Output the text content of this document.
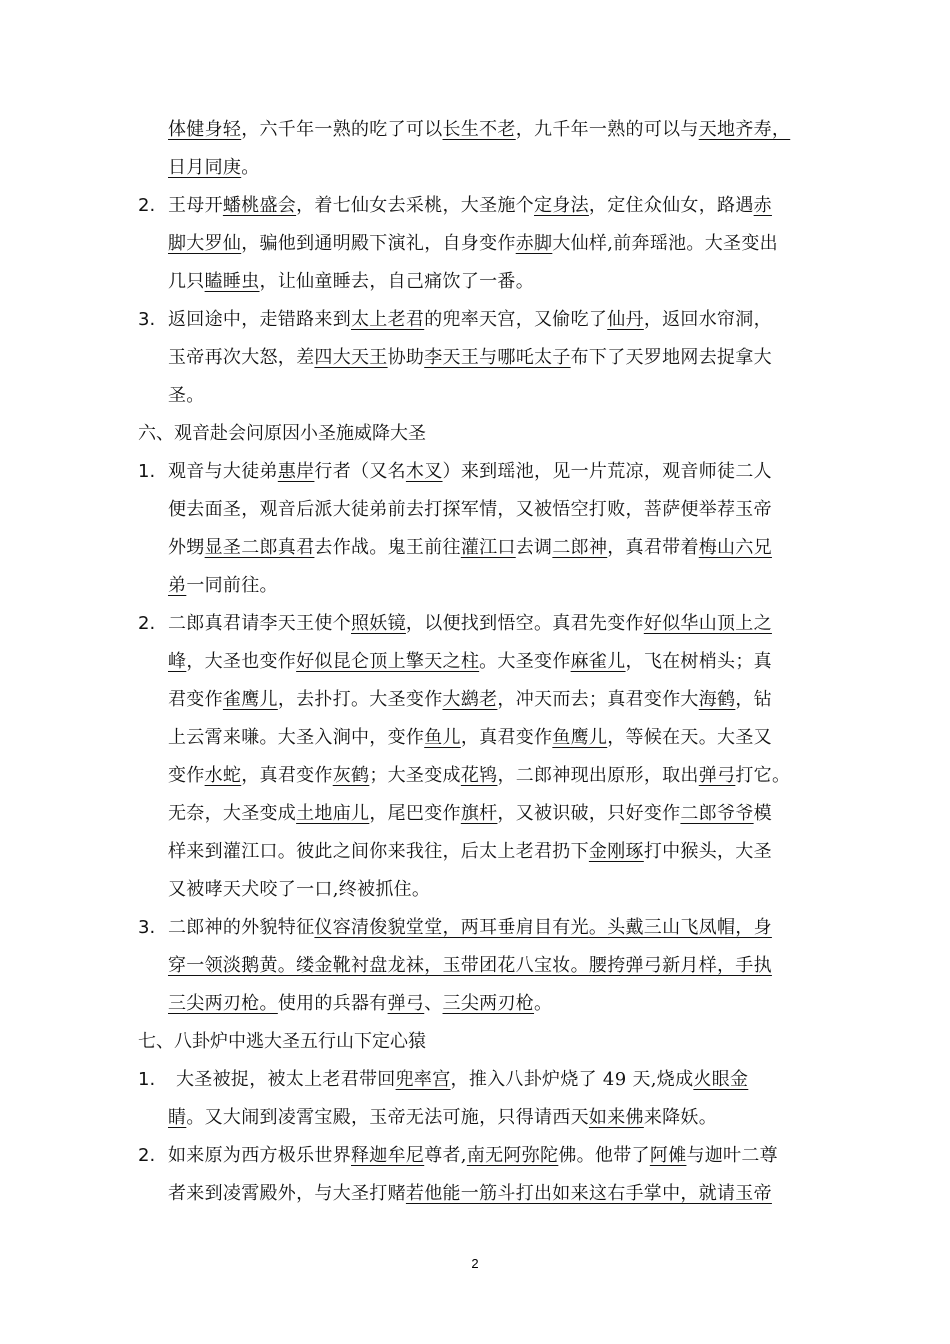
体健身轻，六千年一熟的吃了可以长生不老，九千年一熟的可以与天地齐寿，
日月同庚。
2. 王母开蟠桃盛会，着七仙女去采桃，大圣施个定身法，定住众仙女，路遇赤
脚大罗仙，骗他到通明殿下演礼，自身变作赤脚大仙样,前奔瑶池。大圣变出
几只瞌睡虫，让仙童睡去，自己痛饮了一番。
3. 返回途中，走错路来到太上老君的兜率天宫，又偷吃了仙丹，返回水帘洞，
玉帝再次大怒，差四大天王协助李天王与哪吒太子布下了天罗地网去捉拿大
圣。
六、观音赴会问原因小圣施威降大圣
1. 观音与大徒弟惠岸行者（又名木叉）来到瑶池，见一片荒凉，观音师徒二人
便去面圣，观音后派大徒弟前去打探军情，又被悟空打败，菩萨便举荐玉帝
外甥显圣二郎真君去作战。鬼王前往灌江口去调二郎神，真君带着梅山六兄
弟一同前往。
2. 二郎真君请李天王使个照妖镜，以便找到悟空。真君先变作好似华山顶上之
峰，大圣也变作好似昆仑顶上擎天之柱。大圣变作麻雀儿，飞在树梢头；真
君变作雀鹰儿，去扑打。大圣变作大鹚老，冲天而去；真君变作大海鹤，钻
上云霄来嗛。大圣入涧中，变作鱼儿，真君变作鱼鹰儿，等候在天。大圣又
变作水蛇，真君变作灰鹤；大圣变成花鸨，二郎神现出原形，取出弹弓打它。
无奈，大圣变成土地庙儿，尾巴变作旗杆，又被识破，只好变作二郎爷爷模
样来到灌江口。彼此之间你来我往，后太上老君扔下金刚琢打中猴头，大圣
又被哮天犬咬了一口,终被抓住。
3. 二郎神的外貌特征仪容清俊貌堂堂，两耳垂肩目有光。头戴三山飞凤帽，身
穿一领淡鹅黄。缕金靴衬盘龙袜，玉带团花八宝妆。腰挎弹弓新月样，手执
三尖两刃枪。使用的兵器有弹弓、三尖两刃枪。
七、八卦炉中逃大圣五行山下定心猿
1. 大圣被捉，被太上老君带回兜率宫，推入八卦炉烧了 49 天,烧成火眼金
睛。又大闹到凌霄宝殿，玉帝无法可施，只得请西天如来佛来降妖。
2. 如来原为西方极乐世界释迦牟尼尊者,南无阿弥陀佛。他带了阿傩与迦叶二尊
者来到凌霄殿外，与大圣打赌若他能一筋斗打出如来这右手掌中，就请玉帝
2
